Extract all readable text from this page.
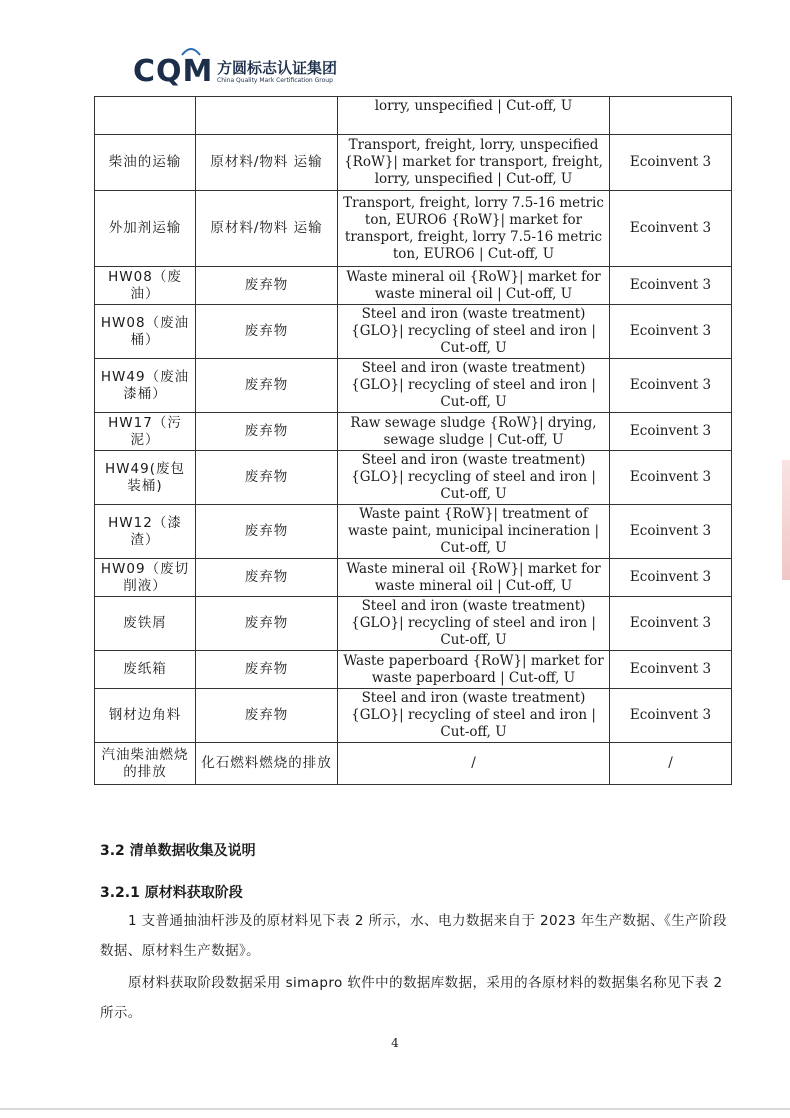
CQM 方圆标志认证集团
China Quality Mark Certification Group
		lorry, unspecified | Cut-off, U	
柴油的运输	原材料/物料 运输	Transport, freight, lorry, unspecified {RoW}| market for transport, freight, lorry, unspecified | Cut-off, U	Ecoinvent 3
外加剂运输	原材料/物料 运输	Transport, freight, lorry 7.5-16 metric ton, EURO6 {RoW}| market for transport, freight, lorry 7.5-16 metric ton, EURO6 | Cut-off, U	Ecoinvent 3
HW08（废油）	废弃物	Waste mineral oil {RoW}| market for waste mineral oil | Cut-off, U	Ecoinvent 3
HW08（废油桶）	废弃物	Steel and iron (waste treatment) {GLO}| recycling of steel and iron | Cut-off, U	Ecoinvent 3
HW49（废油漆桶）	废弃物	Steel and iron (waste treatment) {GLO}| recycling of steel and iron | Cut-off, U	Ecoinvent 3
HW17（污泥）	废弃物	Raw sewage sludge {RoW}| drying, sewage sludge | Cut-off, U	Ecoinvent 3
HW49(废包装桶)	废弃物	Steel and iron (waste treatment) {GLO}| recycling of steel and iron | Cut-off, U	Ecoinvent 3
HW12（漆渣）	废弃物	Waste paint {RoW}| treatment of waste paint, municipal incineration | Cut-off, U	Ecoinvent 3
HW09（废切削液）	废弃物	Waste mineral oil {RoW}| market for waste mineral oil | Cut-off, U	Ecoinvent 3
废铁屑	废弃物	Steel and iron (waste treatment) {GLO}| recycling of steel and iron | Cut-off, U	Ecoinvent 3
废纸箱	废弃物	Waste paperboard {RoW}| market for waste paperboard | Cut-off, U	Ecoinvent 3
钢材边角料	废弃物	Steel and iron (waste treatment) {GLO}| recycling of steel and iron | Cut-off, U	Ecoinvent 3
汽油柴油燃烧的排放	化石燃料燃烧的排放	/	/
3.2 清单数据收集及说明
3.2.1 原材料获取阶段
1 支普通抽油杆涉及的原材料见下表 2 所示，水、电力数据来自于 2023 年生产数据、《生产阶段数据、原材料生产数据》。
原材料获取阶段数据采用 simapro 软件中的数据库数据，采用的各原材料的数据集名称见下表 2 所示。
4
